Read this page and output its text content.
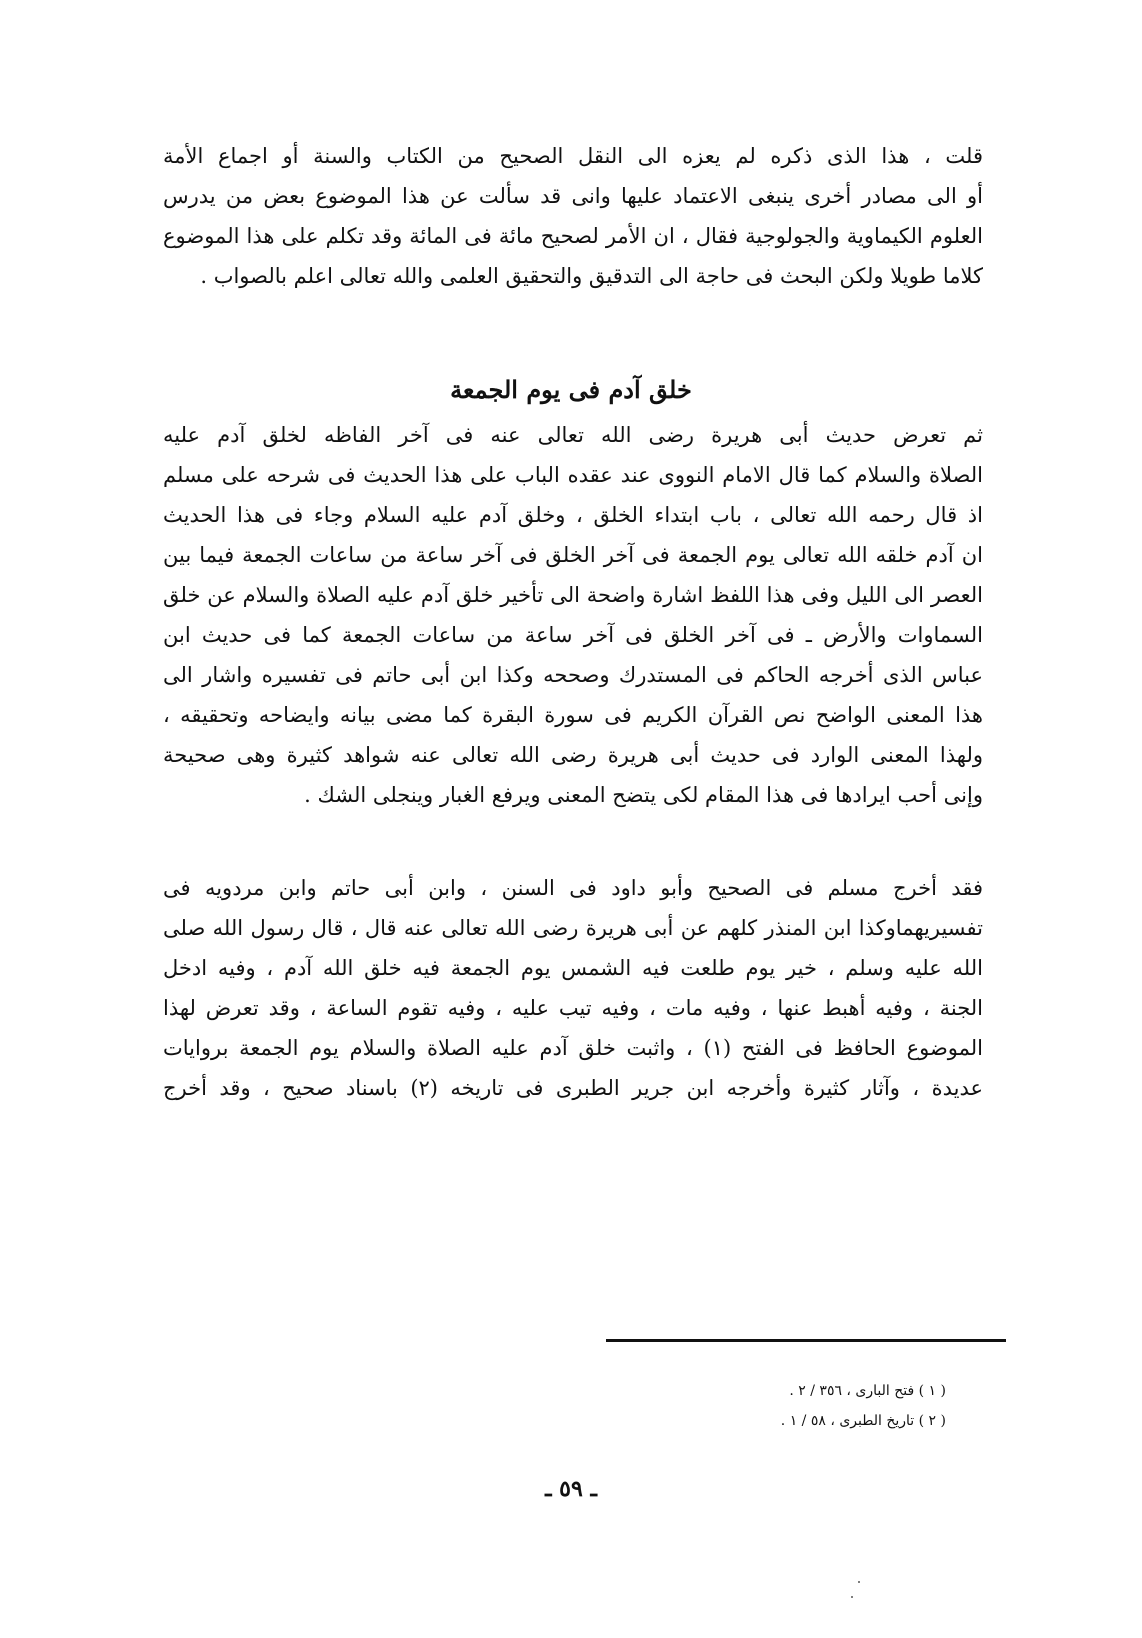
قلت ، هذا الذى ذكره لم يعزه الى النقل الصحيح من الكتاب والسنة أو اجماع الأمة
أو الى مصادر أخرى ينبغى الاعتماد عليها وانى قد سألت عن هذا الموضوع بعض من يدرس
العلوم الكيماوية والجولوجية فقال ، ان الأمر لصحيح مائة فى المائة وقد تكلم على هذا الموضوع
كلاما طويلا ولكن البحث فى حاجة الى التدقيق والتحقيق العلمى والله تعالى اعلم بالصواب .
خلق آدم فى يوم الجمعة
ثم تعرض حديث أبى هريرة رضى الله تعالى عنه فى آخر الفاظه لخلق آدم عليه
الصلاة والسلام كما قال الامام النووى عند عقده الباب على هذا الحديث فى شرحه على مسلم
اذ قال رحمه الله تعالى ، باب ابتداء الخلق ، وخلق آدم عليه السلام وجاء فى هذا الحديث
ان آدم خلقه الله تعالى يوم الجمعة فى آخر الخلق فى آخر ساعة من ساعات الجمعة فيما بين
العصر الى الليل وفى هذا اللفظ اشارة واضحة الى تأخير خلق آدم عليه الصلاة والسلام عن خلق
السماوات والأرض ـ فى آخر الخلق فى آخر ساعة من ساعات الجمعة كما فى حديث ابن
عباس الذى أخرجه الحاكم فى المستدرك وصححه وكذا ابن أبى حاتم فى تفسيره واشار الى
هذا المعنى الواضح نص القرآن الكريم فى سورة البقرة كما مضى بيانه وايضاحه وتحقيقه ،
ولهذا المعنى الوارد فى حديث أبى هريرة رضى الله تعالى عنه شواهد كثيرة وهى صحيحة
وإنى أحب ايرادها فى هذا المقام لكى يتضح المعنى ويرفع الغبار وينجلى الشك .
فقد أخرج مسلم فى الصحيح وأبو داود فى السنن ، وابن أبى حاتم وابن مردويه فى
تفسيريهماوكذا ابن المنذر كلهم عن أبى هريرة رضى الله تعالى عنه قال ، قال رسول الله صلى
الله عليه وسلم ، خير يوم طلعت فيه الشمس يوم الجمعة فيه خلق الله آدم ، وفيه ادخل
الجنة ، وفيه أهبط عنها ، وفيه مات ، وفيه تيب عليه ، وفيه تقوم الساعة ، وقد تعرض لهذا
الموضوع الحافظ فى الفتح (١) ، واثبت خلق آدم عليه الصلاة والسلام يوم الجمعة بروايات
عديدة ، وآثار كثيرة وأخرجه ابن جرير الطبرى فى تاريخه (٢) باسناد صحيح ، وقد أخرج
( ١ ) فتح البارى ، ٣٥٦ / ٢ .
( ٢ ) تاريخ الطبرى ، ٥٨ / ١ .
ـ ٥٩ ـ
